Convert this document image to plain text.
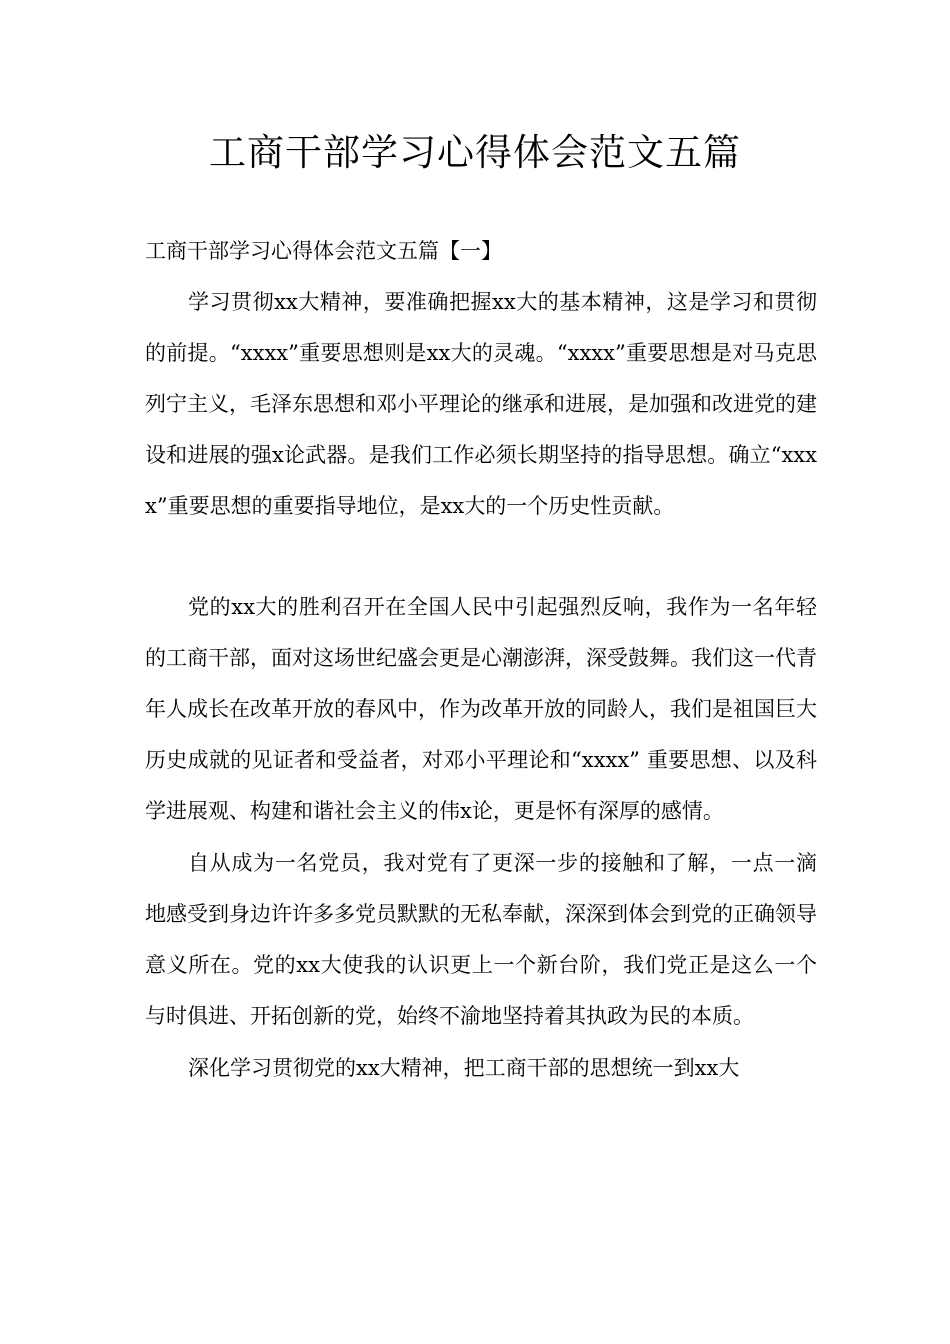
工商干部学习心得体会范文五篇

工商干部学习心得体会范文五篇【一】

学习贯彻xx大精神，要准确把握xx大的基本精神，这是学习和贯彻的前提。“xxxx”重要思想则是xx大的灵魂。“xxxx”重要思想是对马克思列宁主义，毛泽东思想和邓小平理论的继承和进展，是加强和改进党的建设和进展的强x论武器。是我们工作必须长期坚持的指导思想。确立“xxxx”重要思想的重要指导地位，是xx大的一个历史性贡献。

党的xx大的胜利召开在全国人民中引起强烈反响，我作为一名年轻的工商干部，面对这场世纪盛会更是心潮澎湃，深受鼓舞。我们这一代青年人成长在改革开放的春风中，作为改革开放的同龄人，我们是祖国巨大历史成就的见证者和受益者，对邓小平理论和“xxxx” 重要思想、以及科学进展观、构建和谐社会主义的伟x论，更是怀有深厚的感情。

自从成为一名党员，我对党有了更深一步的接触和了解，一点一滴地感受到身边许许多多党员默默的无私奉献，深深到体会到党的正确领导意义所在。党的xx大使我的认识更上一个新台阶，我们党正是这么一个与时俱进、开拓创新的党，始终不渝地坚持着其执政为民的本质。

深化学习贯彻党的xx大精神，把工商干部的思想统一到xx大
